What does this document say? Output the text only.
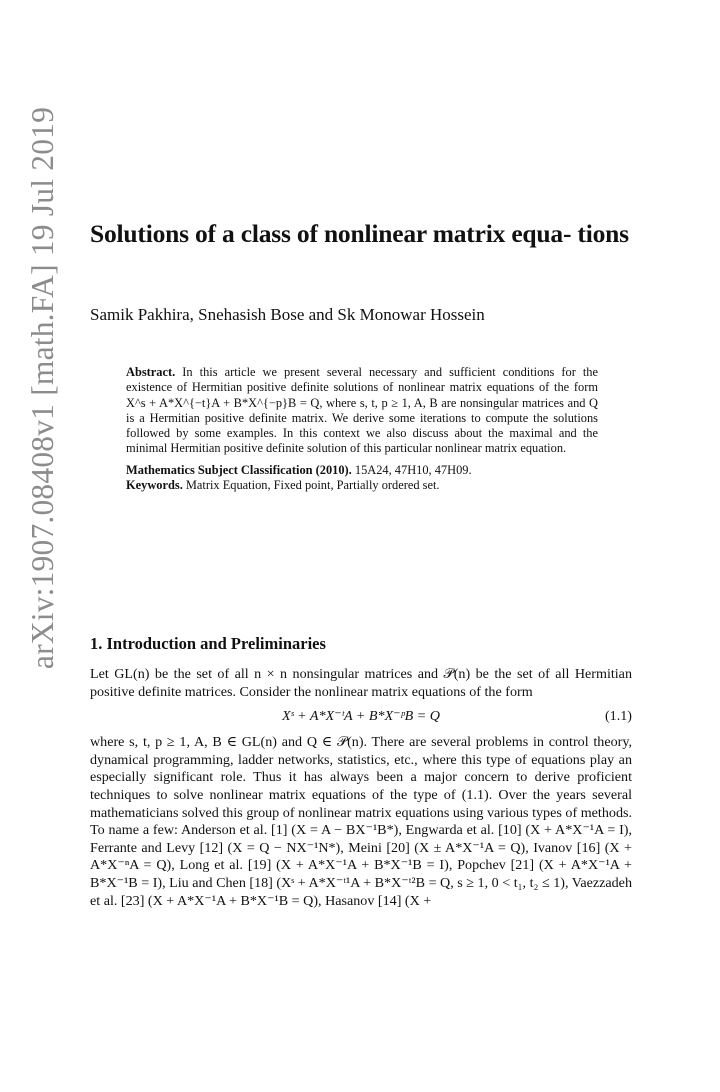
arXiv:1907.08408v1 [math.FA] 19 Jul 2019 Solutions of a class of nonlinear matrix equa- tions
Samik Pakhira, Snehasish Bose and Sk Monowar Hossein

Abstract. In this article we present several necessary and sufficient conditions for the existence of Hermitian positive definite solutions of nonlinear matrix equations of the form X^s + A*X^{−t}A + B*X^{−p}B = Q, where s, t, p ≥ 1, A, B are nonsingular matrices and Q is a Hermitian positive definite matrix. We derive some iterations to compute the solutions followed by some examples. In this context we also discuss about the maximal and the minimal Hermitian positive definite solution of this particular nonlinear matrix equation.

Mathematics Subject Classification (2010). 15A24, 47H10, 47H09.

Keywords. Matrix Equation, Fixed point, Partially ordered set.

1. Introduction and Preliminaries

Let GL(n) be the set of all n × n nonsingular matrices and 𝒫(n) be the set of all Hermitian positive definite matrices. Consider the nonlinear matrix equations of the form

Xˢ + A*X⁻ᵗA + B*X⁻ᵖB = Q	(1.1)

where s, t, p ≥ 1, A, B ∈ GL(n) and Q ∈ 𝒫(n). There are several problems in control theory, dynamical programming, ladder networks, statistics, etc., where this type of equations play an especially significant role. Thus it has always been a major concern to derive proficient techniques to solve nonlinear matrix equations of the type of (1.1). Over the years several mathematicians solved this group of nonlinear matrix equations using various types of methods. To name a few: Anderson et al. [1] (X = A − BX⁻¹B*), Engwarda et al. [10] (X + A*X⁻¹A = I), Ferrante and Levy [12] (X = Q − NX⁻¹N*), Meini [20] (X ± A*X⁻¹A = Q), Ivanov [16] (X + A*X⁻ⁿA = Q), Long et al. [19] (X + A*X⁻¹A + B*X⁻¹B = I), Popchev [21] (X + A*X⁻¹A + B*X⁻¹B = I), Liu and Chen [18] (Xˢ + A*X⁻ᵗ¹A + B*X⁻ᵗ²B = Q, s ≥ 1, 0 < t₁, t₂ ≤ 1), Vaezzadeh et al. [23] (X + A*X⁻¹A + B*X⁻¹B = Q), Hasanov [14] (X +
